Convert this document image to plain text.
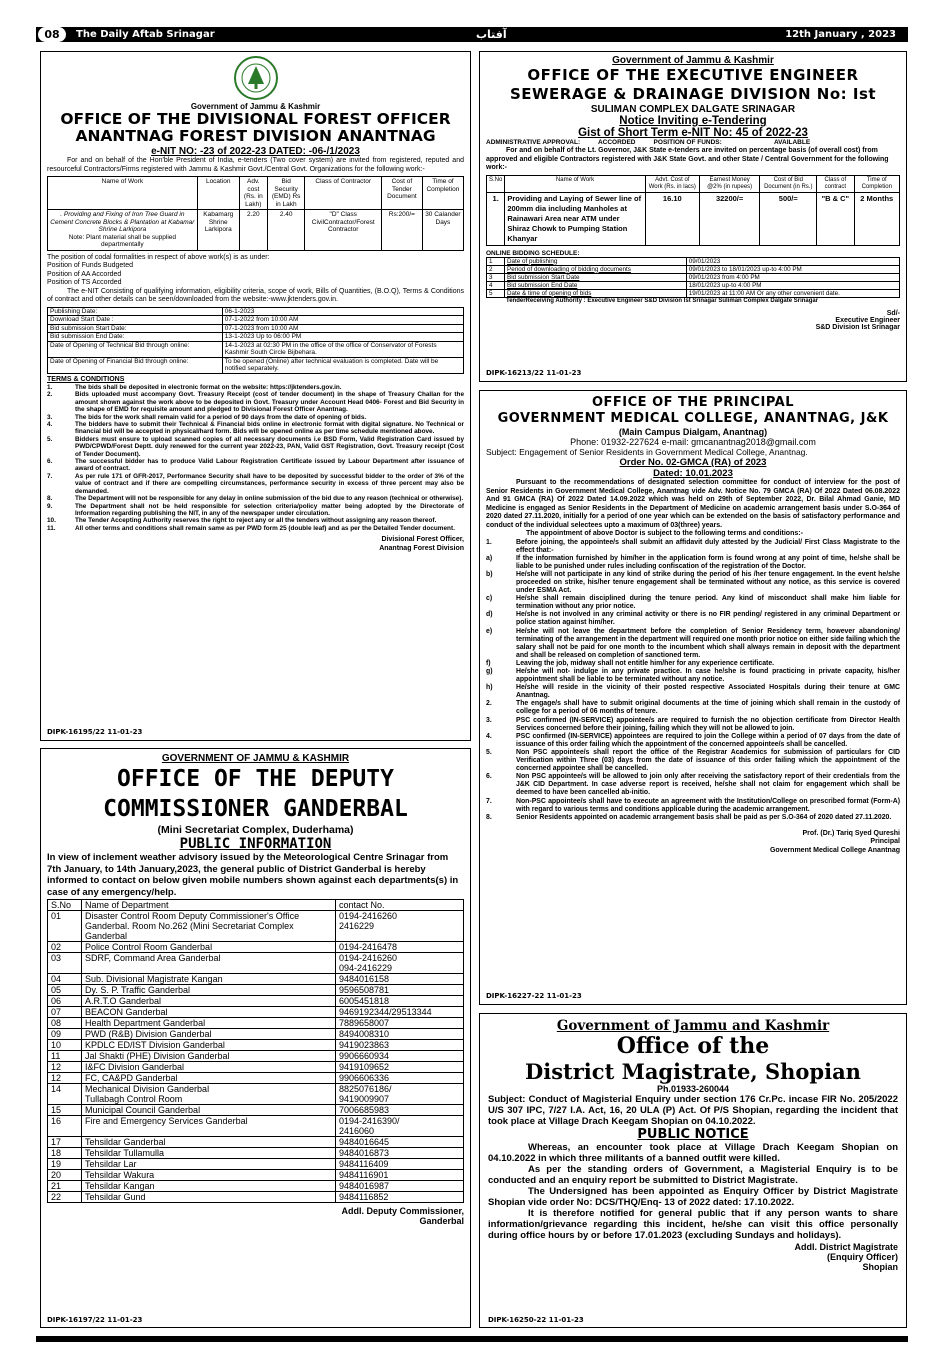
08	The Daily Aftab Srinagar	آفتاب	12th January , 2023
Government of Jammu & Kashmir
OFFICE OF THE DIVISIONAL FOREST OFFICER
ANANTNAG FOREST DIVISION ANANTNAG
e-NIT NO: -23 of 2022-23 DATED: -06-/1/2023
For and on behalf of the Hon'ble President of India, e-tenders (Two cover system) are invited from registered, reputed and resourceful Contractors/Firms registered with Jammu & Kashmir Govt./Central Govt. Organizations for the following work:-
Name of Work	Location	Adv. cost (Rs. in Lakh)	Bid Security (EMD) Rs in Lakh	Class of Contractor	Cost of Tender Document	Time of Completion
. Providing and Fixing of Iron Tree Guard in Cement Concrete Blocks & Plantation at Kabamar Shrine Larkipora
Note: Plant material shall be supplied departmentally	Kabamarg Shrine Larkipora	2.20	2.40	"D" Class CivilContractor/Forest Contractor	Rs:200/=	30 Calander Days
The position of codal formalities in respect of above work(s) is as under:
Position of Funds Budgeted
Position of AA Accorded
Position of TS Accorded
The e-NIT Consisting of qualifying information, eligibility criteria, scope of work, Bills of Quantities, (B.O.Q), Terms & Conditions of contract and other details can be seen/downloaded from the website:-www.jktenders.gov.in.
Publishing Date:	06-1-2023
Download Start Date :	07-1-2022 from 10:00 AM
Bid submission Start Date:	07-1-2023 from 10:00 AM
Bid submission End Date:	13-1-2023 Up to 06:00 PM
Date of Opening of Technical Bid through online:	14-1-2023 at 02:30 PM in the office of the office of Conservator of Forests Kashmir South Circle Bijbehara.
Date of Opening of Financial Bid through online:	To be opened (Online) after technical evaluation is completed. Date will be notified separately.
TERMS & CONDITIONS
1.	The bids shall be deposited in electronic format on the website: https://jktenders.gov.in.
2.	Bids uploaded must accompany Govt. Treasury Receipt (cost of tender document) in the shape of Treasury Challan for the amount shown against the work above to be deposited in Govt. Treasury under Account Head 0406- Forest and Bid Security in the shape of EMD for requisite amount and pledged to Divisional Forest Officer Anantnag.
3.	The bids for the work shall remain valid for a period of 90 days from the date of opening of bids.
4.	The bidders have to submit their Technical & Financial bids online in electronic format with digital signature. No Technical or financial bid will be accepted in physical/hard form. Bids will be opened online as per time schedule mentioned above.
5.	Bidders must ensure to upload scanned copies of all necessary documents i.e BSD Form, Valid Registration Card issued by PWD/CPWD/Forest Deptt. duly renewed for the current year 2022-23, PAN, Valid GST Registration, Govt. Treasury receipt (Cost of Tender Document).
6.	The successful bidder has to produce Valid Labour Registration Certificate issued by Labour Department after issuance of award of contract.
7.	As per rule 171 of GFR-2017, Performance Security shall have to be deposited by successful bidder to the order of 3% of the value of contract and if there are compelling circumstances, performance security in excess of three percent may also be demanded.
8.	The Department will not be responsible for any delay in online submission of the bid due to any reason (technical or otherwise).
9.	The Department shall not be held responsible for selection criteria/policy matter being adopted by the Directorate of Information regarding publishing the NIT, in any of the newspaper under circulation.
10.	The Tender Accepting Authority reserves the right to reject any or all the tenders without assigning any reason thereof.
11.	All other terms and conditions shall remain same as per PWD form 25 (double leaf) and as per the Detailed Tender document.
Divisional Forest Officer,
Anantnag Forest Division
DIPK-16195/22 11-01-23
Government of Jammu & Kashmir
OFFICE OF THE EXECUTIVE ENGINEER
SEWERAGE & DRAINAGE DIVISION No: Ist
SULIMAN COMPLEX DALGATE SRINAGAR
Notice Inviting e-Tendering
Gist of Short Term e-NIT No: 45 of 2022-23
ADMINISTRATIVE APPROVAL:          ACCORDED          POSITION OF FUNDS:                             AVAILABLE
For and on behalf of the Lt. Governor, J&K State e-tenders are invited on percentage basis (of overall cost) from approved and eligible Contractors registered with J&K State Govt. and other State / Central Government for the following work:-
S.No	Name of Work	Advt. Cost of Work (Rs. in lacs)	Earnest Money @2% (in rupees)	Cost of Bid Document (in Rs.)	Class of contract	Time of Completion
1.	Providing and Laying of Sewer line of 200mm dia including Manholes at Rainawari Area near ATM under Shiraz Chowk to Pumping Station Khanyar	16.10	32200/=	500/=	"B & C"	2 Months
ONLINE BIDDING SCHEDULE:
1	Date of publishing	09/01/2023
2	Period of downloading of bidding documents	09/01/2023 to 18/01/2023 up-to 4:00 PM
3	Bid submission Start Date	09/01/2023 from 4:00 PM
4	Bid submission End Date	18/01/2023 up-to 4:00 PM
5	Date & time of opening of bids	19/01/2023 at 11:00 AM Or any other convenient date.
TenderReceiving Authority : Executive Engineer S&D Division Ist Srinagar Suliman Complex Dalgate Srinagar
Sd/-
Executive Engineer
S&D Division Ist Srinagar
DIPK-16213/22 11-01-23
OFFICE OF THE PRINCIPAL
GOVERNMENT MEDICAL COLLEGE, ANANTNAG, J&K
(Main Campus Dialgam, Anantnag)
Phone: 01932-227624 e-mail: gmcanantnag2018@gmail.com
Subject: Engagement of Senior Residents in Government Medical College, Anantnag.
Order No. 02-GMCA (RA) of 2023
Dated: 10.01.2023
Pursuant to the recommendations of designated selection committee for conduct of interview for the post of Senior Residents in Government Medical College, Anantnag vide Adv. Notice No. 79 GMCA (RA) Of 2022 Dated 06.08.2022 And 91 GMCA (RA) Of 2022 Dated 14.09.2022 which was held on 29th of September 2022, Dr. Bilal Ahmad Ganie, MD Medicine is engaged as Senior Residents in the Department of Medicine on academic arrangement basis under S.O-364 of 2020 dated 27.11.2020, initially for a period of one year which can be extended on the basis of satisfactory performance and conduct of the individual selectees upto a maximum of 03(three) years.
The appointment of above Doctor is subject to the following terms and conditions:-
1.	Before joining, the appointee/s shall submit an affidavit duly attested by the Judicial/ First Class Magistrate to the effect that:-
a)	If the information furnished by him/her in the application form is found wrong at any point of time, he/she shall be liable to be punished under rules including confiscation of the registration of the Doctor.
b)	He/she will not participate in any kind of strike during the period of his /her tenure engagement. In the event he/she proceeded on strike, his/her tenure engagement shall be terminated without any notice, as this service is covered under ESMA Act.
c)	He/she shall remain disciplined during the tenure period. Any kind of misconduct shall make him liable for termination without any prior notice.
d)	He/she is not involved in any criminal activity or there is no FIR pending/ registered in any criminal Department or police station against him/her.
e)	He/she will not leave the department before the completion of Senior Residency term, however abandoning/ terminating of the arrangement in the department will required one month prior notice on either side failing which the salary shall not be paid for one month to the incumbent which shall always remain in deposit with the department and shall be released on completion of sanctioned term.
f)	Leaving the job, midway shall not entitle him/her for any experience certificate.
g)	He/she will not- indulge in any private practice. In case he/she is found practicing in private capacity, his/her appointment shall be liable to be terminated without any notice.
h)	He/she will reside in the vicinity of their posted respective Associated Hospitals during their tenure at GMC Anantnag.
2.	The engage/s shall have to submit original documents at the time of joining which shall remain in the custody of college for a period of 06 months of tenure.
3.	PSC confirmed (IN-SERVICE) appointee/s are required to furnish the no objection certificate from Director Health Services concerned before their joining, failing which they will not be allowed to join.
4.	PSC confirmed (IN-SERVICE) appointees are required to join the College within a period of 07 days from the date of issuance of this order failing which the appointment of the concerned appointee/s shall be cancelled.
5.	Non PSC appointee/s shall report the office of the Registrar Academics for submission of particulars for CID Verification within Three (03) days from the date of issuance of this order failing which the appointment of the concerned appointee shall be cancelled.
6.	Non PSC appointee/s will be allowed to join only after receiving the satisfactory report of their credentials from the J&K CID Department. In case adverse report is received, he/she shall not claim for engagement which shall be deemed to have been cancelled ab-initio.
7.	Non-PSC appointee/s shall have to execute an agreement with the Institution/College on prescribed format (Form-A) with regard to various terms and conditions applicable during the academic arrangement.
8.	Senior Residents appointed on academic arrangement basis shall be paid as per S.O-364 of 2020 dated 27.11.2020.
Prof. (Dr.) Tariq Syed Qureshi
Principal
Government Medical College Anantnag
DIPK-16227-22 11-01-23
GOVERNMENT OF JAMMU & KASHMIR
OFFICE OF THE DEPUTY
COMMISSIONER GANDERBAL
(Mini Secretariat Complex, Duderhama)
PUBLIC INFORMATION
In view of inclement weather advisory issued by the Meteorological Centre Srinagar from 7th January, to 14th January,2023, the general public of District Ganderbal is hereby informed to contact on below given mobile numbers shown against each departments(s) in case of any emergency/help.
S.No	Name of Department	contact No.
01	Disaster Control Room Deputy Commissioner's Office Ganderbal. Room No.262 (Mini Secretariat Complex Ganderbal	0194-2416260
2416229
02	Police Control Room Ganderbal	0194-2416478
03	SDRF, Command Area Ganderbal	0194-2416260
094-2416229
04	Sub. Divisional Magistrate Kangan	9484016158
05	Dy. S. P. Traffic Ganderbal	9596508781
06	A.R.T.O Ganderbal	6005451818
07	BEACON Ganderbal	9469192344/29513344
08	Health Department Ganderbal	7889658007
09	PWD (R&B) Division Ganderbal	8494008310
10	KPDLC ED/IST Division Ganderbal	9419023863
11	Jal Shakti (PHE) Division Ganderbal	9906660934
12	I&FC Division Ganderbal	9419109652
12	FC, CA&PD Ganderbal	9906606336
14	Mechanical Division Ganderbal
Tullabagh Control Room	8825076186/
9419009907
15	Municipal Council Ganderbal	7006685983
16	Fire and Emergency Services Ganderbal	0194-2416390/
2416060
17	Tehsildar Ganderbal	9484016645
18	Tehsildar Tullamulla	9484016873
19	Tehsildar Lar	9484116409
20	Tehsildar Wakura	9484116901
21	Tehsildar Kangan	9484016987
22	Tehsildar Gund	9484116852
Addl. Deputy Commissioner,
Ganderbal
DIPK-16197/22 11-01-23
Government of Jammu and Kashmir
Office of the
District Magistrate, Shopian
Ph.01933-260044
Subject: Conduct of Magisterial Enquiry under section 176 Cr.Pc. incase FIR No. 205/2022 U/S 307 IPC, 7/27 I.A. Act, 16, 20 ULA (P) Act. Of P/S Shopian, regarding the incident that took place at Village Drach Keegam Shopian on 04.10.2022.
PUBLIC NOTICE
Whereas, an encounter took place at Village Drach Keegam Shopian on 04.10.2022 in which three militants of a banned outfit were killed.
As per the standing orders of Government, a Magisterial Enquiry is to be conducted and an enquiry report be submitted to District Magistrate.
The Undersigned has been appointed as Enquiry Officer by District Magistrate Shopian vide order No: DCS/THQ/Enq- 13 of 2022 dated: 17.10.2022.
It is therefore notified for general public that if any person wants to share information/grievance regarding this incident, he/she can visit this office personally during office hours by or before 17.01.2023 (excluding Sundays and holidays).
Addl. District Magistrate
(Enquiry Officer)
Shopian
DIPK-16250-22 11-01-23
